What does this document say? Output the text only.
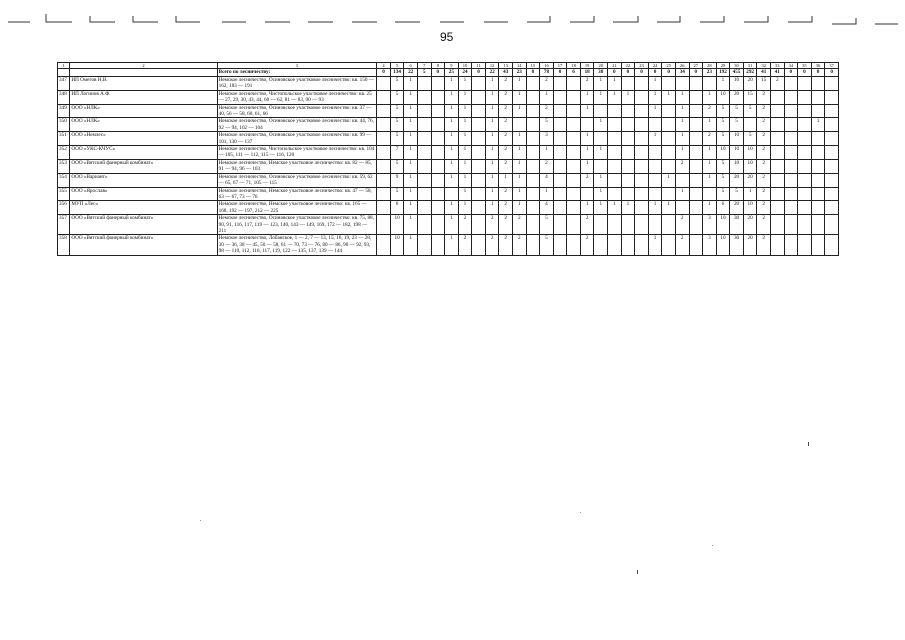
95
1	2	3	4	5	6	7	8	9	10	11	12	13	14	15	16	17	18	19	20	21	22	23	24	25	26	27	28	29	30	31	32	33	34	35	36	37
		Всего по лесничеству:	0	134	22	5	0	25	24	0	22	43	23	0	78	0	6	18	38	0	0	0	0	0	34	0	23	192	455	292	41	41	0	0	0	0
347	ИП Омегов Н.В.	Немское лесничество, Осиновское участковое лесничество: кв. 150 — 162, 183 — 191		5	1			1	1		1	2	1		2			2	1	1			1					1	10	20	15	2				
348	ИП Логинов А.Ф.	Немское лесничество, Чистопольское участковое лесничество: кв. 25 — 27, 29, 30, 43, 44, 60 — 62, 81 — 83, 90 — 93		5	1			1	1		1	2	1		1			1	1	1	1		1	1	1		1	10	20	15	2					
349	ООО «НЛК»	Немское лесничество, Осиновское участковое лесничество: кв. 37 — 40, 56 — 58, 60, 61, 66		5	1			1	1		1	2	1		2			1					1		1		2	5	5	5	2					
350	ООО «НЛК»	Немское лесничество, Осиновское участковое лесничество: кв. 44, 76, 92 — 94, 102 — 104		5	1			1	1		1	2			5				1						1		1	5	5		2				1	
351	ООО «Немлес»	Немское лесничество, Осиновское участковое лесничество: кв. 99 — 101, 130 — 137		5	1			1	1		1	2	1		3			1					1		1		2	5	10	5	2					
352	ООО «УКС-КЧУС»	Немское лесничество, Чистопольское участковое лесничество: кв. 104 — 105, 111 — 112, 115 — 116, 120		7	1			1	1		1	2	1		1			1	1						1		1	10	10	10	2					
353	ООО «Вятский фанерный комбинат»	Немское лесничество, Немское участковое лесничество: кв. 82 — 85, 91 — 94, 96 — 103		5	1			1	1		1	2	1		2			1							2		1	5	10	10	2					
354	ООО «Вариант»	Немское лесничество, Осиновское участковое лесничество: кв. 59, 62 — 65, 67 — 71, 105 — 115		9	1			1	1		1	1	1		4			2	1					1			1	5	20	20	2					
355	ООО «Ярослав»	Немское лесничество, Немское участковое лесничество: кв. 47 — 58, 63 — 67, 73 — 76		5	1				1		1	2	1		1				1						1			5	5	1	2					
356	МУП «Лес»	Немское лесничество, Немское участковое лесничество: кв. 165 — 168, 192 — 197, 212 — 225		6	1			1	1		1	2	1		4			1	1	1	1		1	1			1	6	20	10	2					
357	ООО «Вятский фанерный комбинат»	Немское лесничество, Осиновское участковое лесничество: кв. 75, 88, 90, 91, 116, 117, 119 — 123, 140, 143 — 149, 169, 172 — 182, 198 — 211		10	1			1	2		2	2	2		5			2							2		3	10	30	20	2					
358	ООО «Вятский фанерный комбинат»	Немское лесничество, Лобанское, 1 — 2, 7 — 13, 15, 16, 19, 23 — 28, 30 — 36, 38 — 45, 50 — 58, 61 — 70, 73 — 76, 80 — 86, 90 — 92, 93, 98 — 110, 112, 116, 117, 119, 122 — 135, 137, 139 — 144		10	1			1	2		2	2	2		5			2					1		2		3	10	30	20	2					
